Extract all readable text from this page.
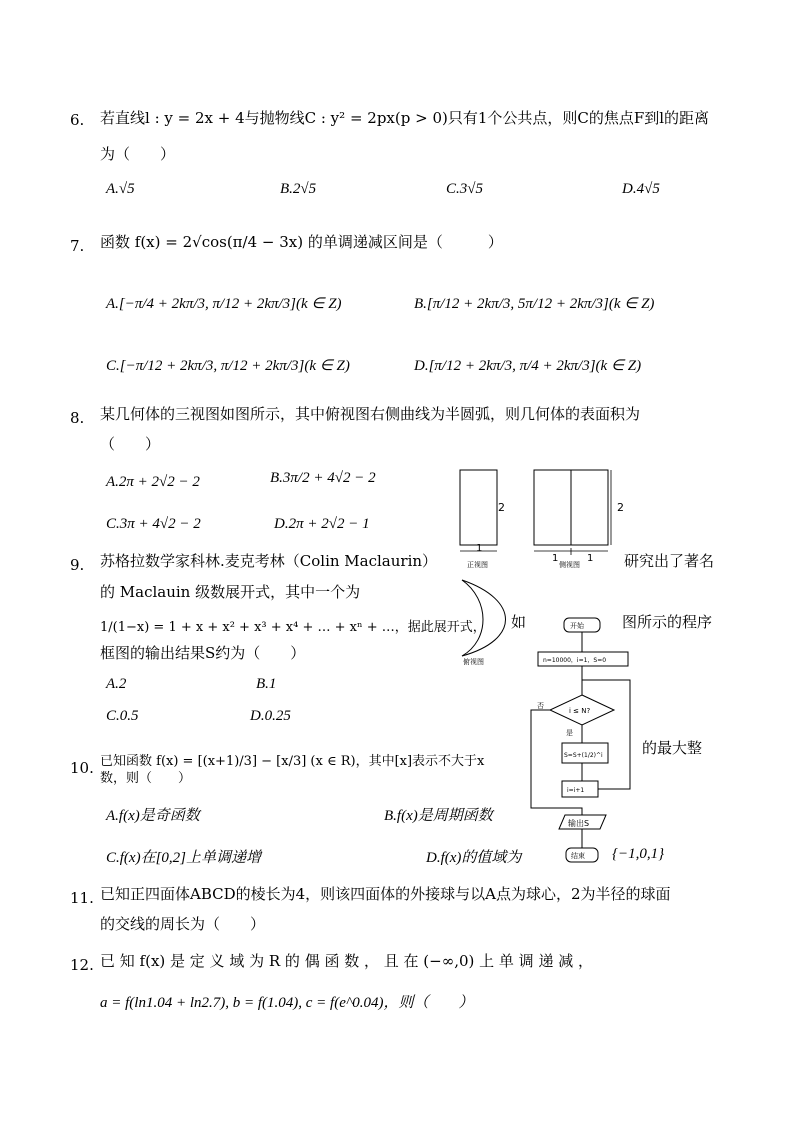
6. 若直线l : y = 2x + 4与抛物线C : y² = 2px(p > 0)只有1个公共点，则C的焦点F到l的距离
为（　　）
A.√5	B.2√5	C.3√5	D.4√5
7. 函数 f(x) = 2√cos(π/4 − 3x) 的单调递减区间是（　　　）
A.[−π/4 + 2kπ/3, π/12 + 2kπ/3](k ∈ Z)	B.[π/12 + 2kπ/3, 5π/12 + 2kπ/3](k ∈ Z)
C.[−π/12 + 2kπ/3, π/12 + 2kπ/3](k ∈ Z)	D.[π/12 + 2kπ/3, π/4 + 2kπ/3](k ∈ Z)
8. 某几何体的三视图如图所示，其中俯视图右侧曲线为半圆弧，则几何体的表面积为
（　　）
A.2π + 2√2 − 2	B.3π/2 + 4√2 − 2
C.3π + 4√2 − 2	D.2π + 2√2 − 1
2
1
正视图
2
1	1
侧视图
俯视图
9. 苏格拉数学家科林.麦克考林（Colin Maclaurin）	研究出了著名
的 Maclauin 级数展开式，其中一个为
1/(1−x) = 1 + x + x² + x³ + x⁴ + … + xⁿ + …，据此展开式， 如	图所示的程序
框图的输出结果S约为（　　）
A.2	B.1
C.0.5	D.0.25
开始
n=10000，i=1，S=0
i ≤ N?
否
是
S=S+(1/2)^i
i=i+1
输出S
结束
10. 已知函数 f(x) = [(x+1)/3] − [x/3] (x ∈ R)，其中[x]表示不大于x
的最大整
数，则（　　）
A.f(x)是奇函数	B.f(x)是周期函数
C.f(x)在[0,2]上单调递增	D.f(x)的值域为	{−1,0,1}
11. 已知正四面体ABCD的棱长为4，则该四面体的外接球与以A点为球心，2为半径的球面
的交线的周长为（　　）
12. 已 知 f(x) 是 定 义 域 为 R 的 偶 函 数 ， 且 在 (−∞,0) 上 单 调 递 减 ，
a = f(ln1.04 + ln2.7), b = f(1.04), c = f(e^0.04)，则（　　）
